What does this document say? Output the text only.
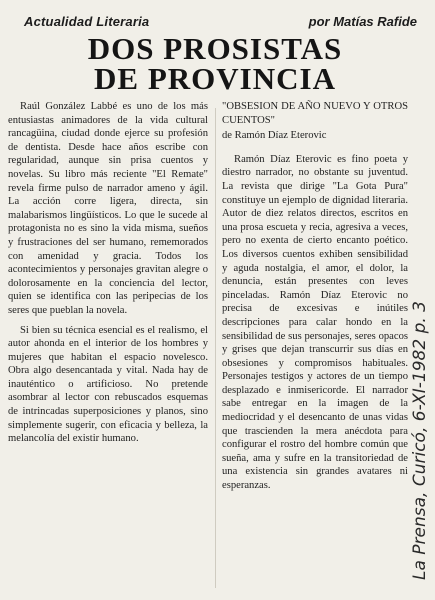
Actualidad Literaria	por Matías Rafide
DOS PROSISTAS
DE PROVINCIA

Raúl González Labbé es uno de los más entusiastas animadores de la vida cultural rancagüina, ciudad donde ejerce su profesión de dentista. Desde hace años escribe con regularidad, aunque sin prisa cuentos y novelas. Su libro más reciente "El Remate" revela firme pulso de narrador ameno y ágil. La acción corre ligera, directa, sin malabarismos lingüísticos. Lo que le sucede al protagonista no es sino la vida misma, sueños y frustraciones del ser humano, rememorados con amenidad y gracia. Todos los acontecimientos y personajes gravitan alegre o dolorosamente en la conciencia del lector, quien se identifica con las peripecias de los seres que pueblan la novela.

Si bien su técnica esencial es el realismo, el autor ahonda en el interior de los hombres y mujeres que habitan el espacio novelesco. Obra algo desencantada y vital. Nada hay de inauténtico o artificioso. No pretende asombrar al lector con rebuscados esquemas de intrincadas superposiciones y planos, sino simplemente sugerir, con eficacia y belleza, la melancolía del existir humano.

"OBSESION DE AÑO NUEVO Y OTROS CUENTOS"
de Ramón Díaz Eterovic

Ramón Díaz Eterovic es fino poeta y diestro narrador, no obstante su juventud. La revista que dirige "La Gota Pura" constituye un ejemplo de dignidad literaria. Autor de diez relatos directos, escritos en una prosa escueta y recia, agresiva a veces, pero no exenta de cierto encanto poético. Los diversos cuentos exhiben sensibilidad y aguda nostalgia, el amor, el dolor, la denuncia, están presentes con leves pinceladas. Ramón Díaz Eterovic no precisa de excesivas e inútiles descripciones para calar hondo en la sensibilidad de sus personajes, seres opacos y grises que dejan transcurrir sus días en obsesiones y compromisos habituales. Personajes testigos y actores de un tiempo desplazado e inmisericorde. El narrador sabe entregar en la imagen de la mediocridad y el desencanto de unas vidas que trascienden la mera anécdota para configurar el rostro del hombre común que sueña, ama y sufre en la transitoriedad de una existencia sin grandes avatares ni esperanzas.	La Prensa, Curicó, 6-XI-1982 p. 3
